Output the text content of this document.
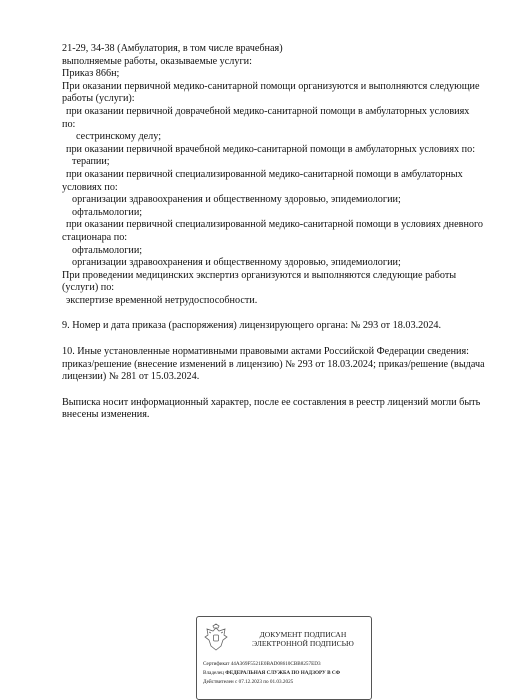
21-29, 34-38 (Амбулатория, в том числе врачебная)
выполняемые работы, оказываемые услуги:
Приказ 866н;
При оказании первичной медико-санитарной помощи организуются и выполняются следующие
работы (услуги):
при оказании первичной доврачебной медико-санитарной помощи в амбулаторных условиях
по:
сестринскому делу;
при оказании первичной врачебной медико-санитарной помощи в амбулаторных условиях по:
терапии;
при оказании первичной специализированной медико-санитарной помощи в амбулаторных
условиях по:
организации здравоохранения и общественному здоровью, эпидемиологии;
офтальмологии;
при оказании первичной специализированной медико-санитарной помощи в условиях дневного
стационара по:
офтальмологии;
организации здравоохранения и общественному здоровью, эпидемиологии;
При проведении медицинских экспертиз организуются и выполняются следующие работы
(услуги) по:
экспертизе временной нетрудоспособности.
9. Номер и дата приказа (распоряжения) лицензирующего органа: № 293 от 18.03.2024.
10. Иные установленные нормативными правовыми актами Российской Федерации сведения:
приказ/решение (внесение изменений в лицензию) № 293 от 18.03.2024; приказ/решение (выдача
лицензии) № 281 от 15.03.2024.
Выписка носит информационный характер, после ее составления в реестр лицензий могли быть
внесены изменения.
ДОКУМЕНТ ПОДПИСАН
ЭЛЕКТРОННОЙ ПОДПИСЬЮ
Сертификат 44A369F5521E0BAD08610CBB8257ED3
Владелец ФЕДЕРАЛЬНАЯ СЛУЖБА ПО НАДЗОРУ В СФ
Действителен с 07.12.2023 по 01.03.2025
